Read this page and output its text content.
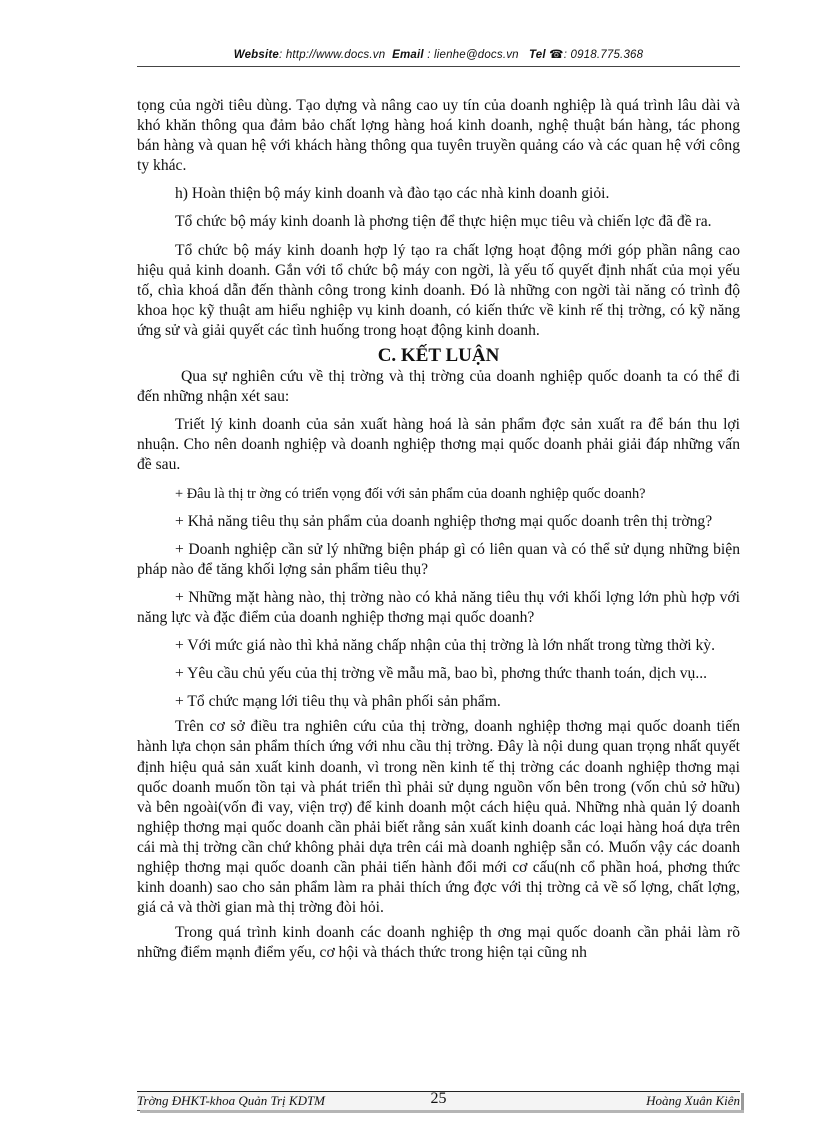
Website: http://www.docs.vn Email : lienhe@docs.vn Tel ☎: 0918.775.368

tọng của ngời tiêu dùng. Tạo dựng và nâng cao uy tín của doanh nghiệp là quá trình lâu dài và khó khăn thông qua đảm bảo chất lợng hàng hoá kinh doanh, nghệ thuật bán hàng, tác phong bán hàng và quan hệ với khách hàng thông qua tuyên truyền quảng cáo và các quan hệ với công ty khác.

h) Hoàn thiện bộ máy kinh doanh và đào tạo các nhà kinh doanh giỏi.

Tổ chức bộ máy kinh doanh là phơng tiện để thực hiện mục tiêu và chiến lợc đã đề ra.

Tổ chức bộ máy kinh doanh hợp lý tạo ra chất lợng hoạt động mới góp phần nâng cao hiệu quả kinh doanh. Gắn với tổ chức bộ máy con ngời, là yếu tố quyết định nhất của mọi yếu tố, chìa khoá dẫn đến thành công trong kinh doanh. Đó là những con ngời tài năng có trình độ khoa học kỹ thuật am hiểu nghiệp vụ kinh doanh, có kiến thức về kinh rế thị trờng, có kỹ năng ứng sử và giải quyết các tình huống trong hoạt động kinh doanh.

C. KẾT LUẬN

Qua sự nghiên cứu về thị trờng và thị trờng của doanh nghiệp quốc doanh ta có thể đi đến những nhận xét sau:

Triết lý kinh doanh của sản xuất hàng hoá là sản phẩm đợc sản xuất ra để bán thu lợi nhuận. Cho nên doanh nghiệp và doanh nghiệp thơng mại quốc doanh phải giải đáp những vấn đề sau.

+ Đâu là thị tr ờng có triển vọng đối với sản phẩm của doanh nghiệp quốc doanh?

+ Khả năng tiêu thụ sản phẩm của doanh nghiệp thơng mại quốc doanh trên thị trờng?

+ Doanh nghiệp cần sử lý những biện pháp gì có liên quan và có thể sử dụng những biện pháp nào để tăng khối lợng sản phẩm tiêu thụ?

+ Những mặt hàng nào, thị trờng nào có khả năng tiêu thụ với khối lợng lớn phù hợp với năng lực và đặc điểm của doanh nghiệp thơng mại quốc doanh?

+ Với mức giá nào thì khả năng chấp nhận của thị trờng là lớn nhất trong từng thời kỳ.

+ Yêu cầu chủ yếu của thị trờng về mẫu mã, bao bì, phơng thức thanh toán, dịch vụ...

+ Tổ chức mạng lới tiêu thụ và phân phối sản phẩm.

Trên cơ sở điều tra nghiên cứu của thị trờng, doanh nghiệp thơng mại quốc doanh tiến hành lựa chọn sản phẩm thích ứng với nhu cầu thị trờng. Đây là nội dung quan trọng nhất quyết định hiệu quả sản xuất kinh doanh, vì trong nền kinh tế thị trờng các doanh nghiệp thơng mại quốc doanh muốn tồn tại và phát triển thì phải sử dụng nguồn vốn bên trong (vốn chủ sở hữu) và bên ngoài(vốn đi vay, viện trợ) để kinh doanh một cách hiệu quả. Những nhà quản lý doanh nghiệp thơng mại quốc doanh cần phải biết rằng sản xuất kinh doanh các loại hàng hoá dựa trên cái mà thị trờng cần chứ không phải dựa trên cái mà doanh nghiệp sẵn có. Muốn vậy các doanh nghiệp thơng mại quốc doanh cần phải tiến hành đổi mới cơ cấu(nh cổ phần hoá, phơng thức kinh doanh) sao cho sản phẩm làm ra phải thích ứng đợc với thị trờng cả về số lợng, chất lợng, giá cả và thời gian mà thị trờng đòi hỏi.

Trong quá trình kinh doanh các doanh nghiệp th ơng mại quốc doanh cần phải làm rõ những điểm mạnh điểm yếu, cơ hội và thách thức trong hiện tại cũng nh

Trờng ĐHKT-khoa Quản Trị KDTM	25	Hoàng Xuân Kiên
